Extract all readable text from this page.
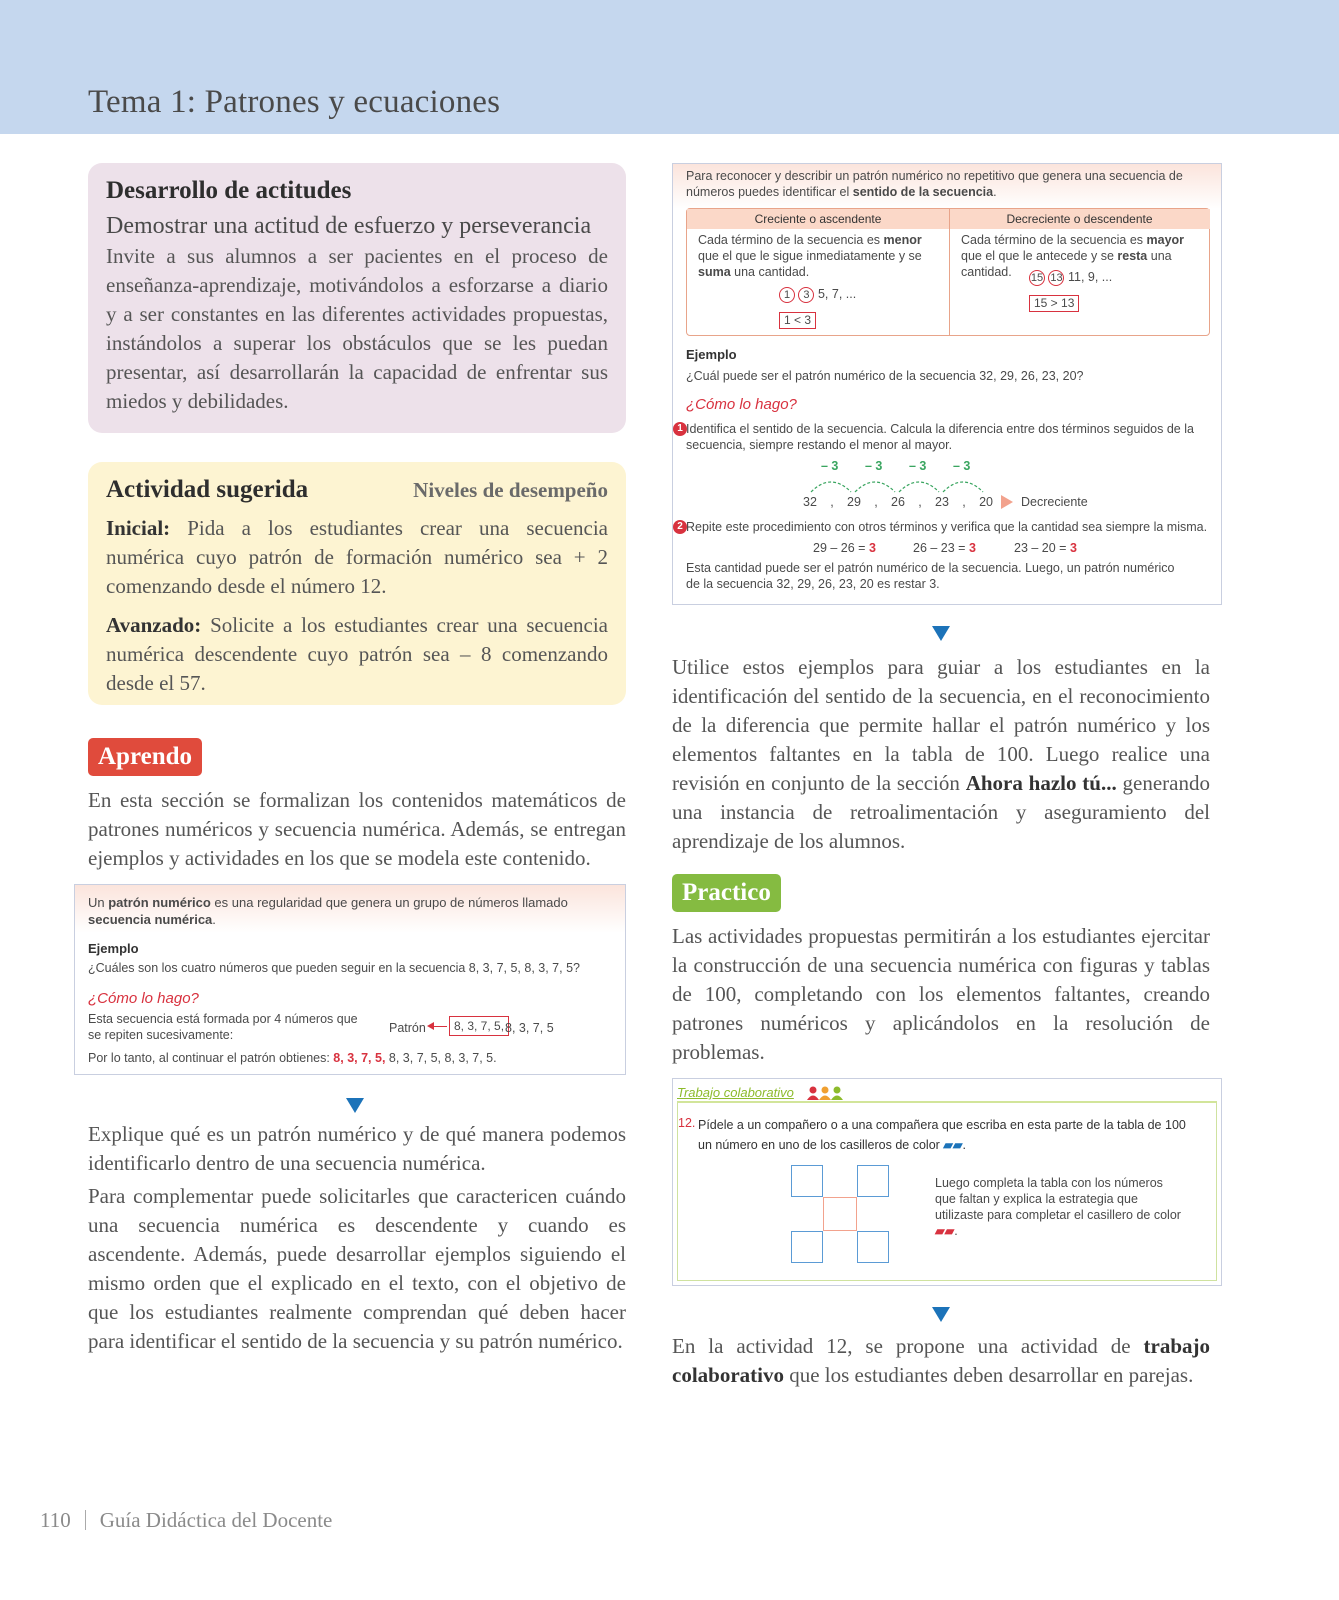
Tema 1: Patrones y ecuaciones
Desarrollo de actitudes
Demostrar una actitud de esfuerzo y perseverancia
Invite a sus alumnos a ser pacientes en el proceso de enseñanza-aprendizaje, motivándolos a esforzarse a diario y a ser constantes en las diferentes actividades propuestas, instándolos a superar los obstáculos que se les puedan presentar, así desarrollarán la capacidad de enfrentar sus miedos y debilidades.
Actividad sugerida	Niveles de desempeño
Inicial: Pida a los estudiantes crear una secuencia numérica cuyo patrón de formación numérico sea + 2 comenzando desde el número 12.
Avanzado: Solicite a los estudiantes crear una secuencia numérica descendente cuyo patrón sea – 8 comenzando desde el 57.
Aprendo
En esta sección se formalizan los contenidos matemáticos de patrones numéricos y secuencia numérica. Además, se entregan ejemplos y actividades en los que se modela este contenido.
Un patrón numérico es una regularidad que genera un grupo de números llamado secuencia numérica.
Ejemplo
¿Cuáles son los cuatro números que pueden seguir en la secuencia 8, 3, 7, 5, 8, 3, 7, 5?
¿Cómo lo hago?
Esta secuencia está formada por 4 números que se repiten sucesivamente:	Patrón	8, 3, 7, 5, 8, 3, 7, 5
Por lo tanto, al continuar el patrón obtienes: 8, 3, 7, 5, 8, 3, 7, 5, 8, 3, 7, 5.
Explique qué es un patrón numérico y de qué manera podemos identificarlo dentro de una secuencia numérica.
Para complementar puede solicitarles que caractericen cuándo una secuencia numérica es descendente y cuando es ascendente. Además, puede desarrollar ejemplos siguiendo el mismo orden que el explicado en el texto, con el objetivo de que los estudiantes realmente comprendan qué deben hacer para identificar el sentido de la secuencia y su patrón numérico.
Para reconocer y describir un patrón numérico no repetitivo que genera una secuencia de números puedes identificar el sentido de la secuencia.
Creciente o ascendente	Decreciente o descendente
Cada término de la secuencia es menor que el que le sigue inmediatamente y se suma una cantidad.
1 3 5, 7, ...
1 < 3
Cada término de la secuencia es mayor que el que le antecede y se resta una cantidad.	15 13 11, 9, ...
15 > 13
Ejemplo
¿Cuál puede ser el patrón numérico de la secuencia 32, 29, 26, 23, 20?
¿Cómo lo hago?
1 Identifica el sentido de la secuencia. Calcula la diferencia entre dos términos seguidos de la secuencia, siempre restando el menor al mayor.
– 3 – 3 – 3 – 3
32 , 29 , 26 , 23 , 20 Decreciente
2 Repite este procedimiento con otros términos y verifica que la cantidad sea siempre la misma.
29 – 26 = 3	26 – 23 = 3	23 – 20 = 3
Esta cantidad puede ser el patrón numérico de la secuencia. Luego, un patrón numérico de la secuencia 32, 29, 26, 23, 20 es restar 3.
Utilice estos ejemplos para guiar a los estudiantes en la identificación del sentido de la secuencia, en el reconocimiento de la diferencia que permite hallar el patrón numérico y los elementos faltantes en la tabla de 100. Luego realice una revisión en conjunto de la sección Ahora hazlo tú... generando una instancia de retroalimentación y aseguramiento del aprendizaje de los alumnos.
Practico
Las actividades propuestas permitirán a los estudiantes ejercitar la construcción de una secuencia numérica con figuras y tablas de 100, completando con los elementos faltantes, creando patrones numéricos y aplicándolos en la resolución de problemas.
Trabajo colaborativo
12. Pídele a un compañero o a una compañera que escriba en esta parte de la tabla de 100 un número en uno de los casilleros de color ▰▰.
Luego completa la tabla con los números que faltan y explica la estrategia que utilizaste para completar el casillero de color ▰▰.
En la actividad 12, se propone una actividad de trabajo colaborativo que los estudiantes deben desarrollar en parejas.
110 Guía Didáctica del Docente
